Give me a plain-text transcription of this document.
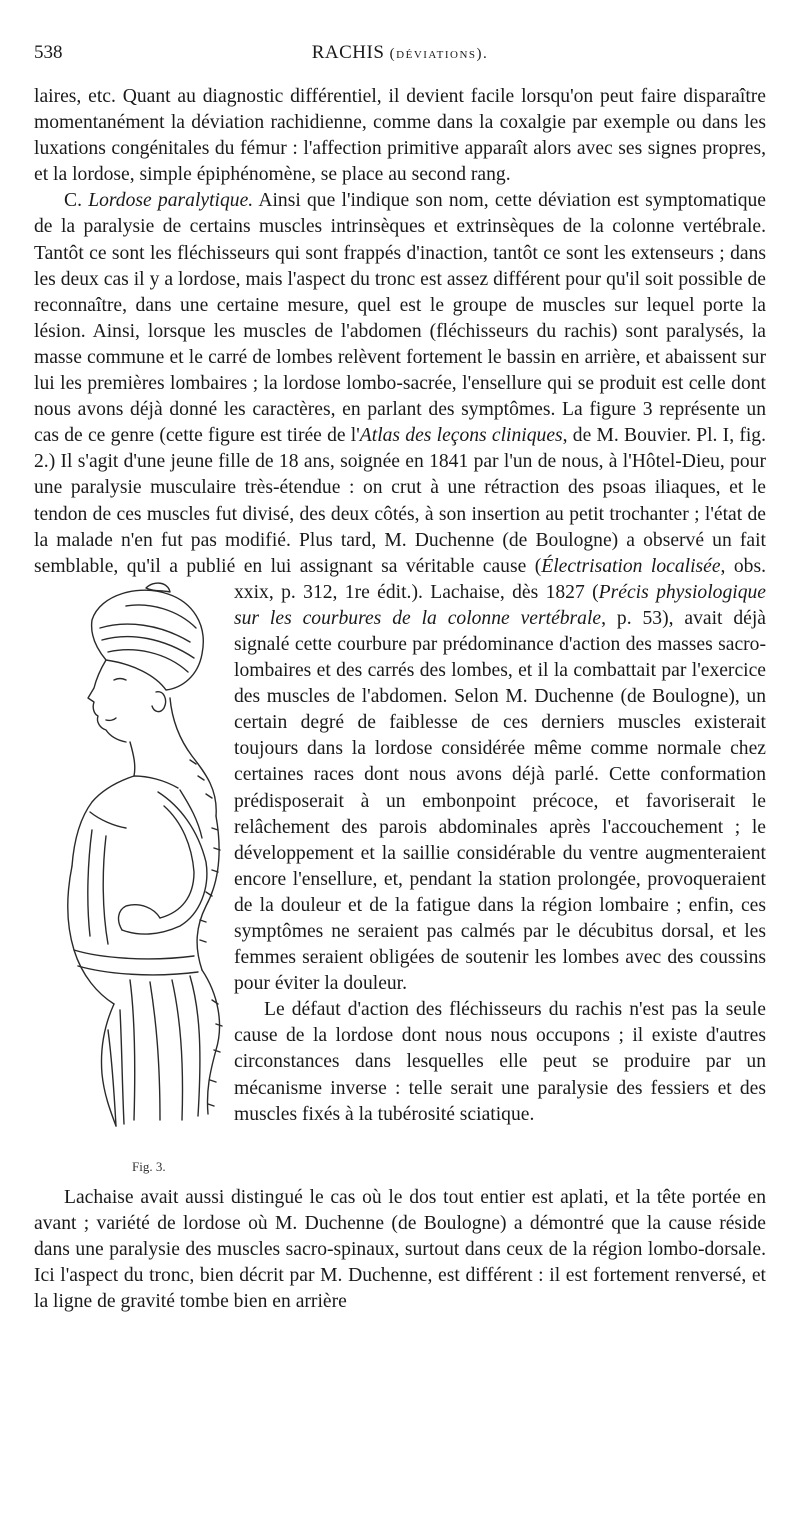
538	RACHIS (déviations).

laires, etc. Quant au diagnostic différentiel, il devient facile lorsqu'on peut faire disparaître momentanément la déviation rachidienne, comme dans la coxalgie par exemple ou dans les luxations congénitales du fémur : l'affection primitive apparaît alors avec ses signes propres, et la lordose, simple épiphénomène, se place au second rang.

C. Lordose paralytique. Ainsi que l'indique son nom, cette déviation est symptomatique de la paralysie de certains muscles intrinsèques et extrinsèques de la colonne vertébrale. Tantôt ce sont les fléchisseurs qui sont frappés d'inaction, tantôt ce sont les extenseurs ; dans les deux cas il y a lordose, mais l'aspect du tronc est assez différent pour qu'il soit possible de reconnaître, dans une certaine mesure, quel est le groupe de muscles sur lequel porte la lésion. Ainsi, lorsque les muscles de l'abdomen (fléchisseurs du rachis) sont paralysés, la masse commune et le carré de lombes relèvent fortement le bassin en arrière, et abaissent sur lui les premières lombaires ; la lordose lombo-sacrée, l'ensellure qui se produit est celle dont nous avons déjà donné les caractères, en parlant des symptômes. La figure 3 représente un cas de ce genre (cette figure est tirée de l'Atlas des leçons cliniques, de M. Bouvier. Pl. I, fig. 2.) Il s'agit d'une jeune fille de 18 ans, soignée en 1841 par l'un de nous, à l'Hôtel-Dieu, pour une paralysie musculaire très-étendue : on crut à une rétraction des psoas iliaques, et le tendon de ces muscles fut divisé, des deux côtés, à son insertion au petit trochanter ; l'état de la malade n'en fut pas modifié. Plus tard, M. Duchenne (de Boulogne) a observé un fait semblable, qu'il a publié en lui assignant sa véritable cause (Électrisation localisée, obs. xxix, p. 312, 1re édit.). Lachaise, dès 1827 (
Fig. 3.
Précis physiologique sur les courbures de la colonne vertébrale, p. 53), avait déjà signalé cette courbure par prédominance d'action des masses sacro-lombaires et des carrés des lombes, et il la combattait par l'exercice des muscles de l'abdomen. Selon M. Duchenne (de Boulogne), un certain degré de faiblesse de ces derniers muscles existerait toujours dans la lordose considérée même comme normale chez certaines races dont nous avons déjà parlé. Cette conformation prédisposerait à un embonpoint précoce, et favoriserait le relâchement des parois abdominales après l'accouchement ; le développement et la saillie considérable du ventre augmenteraient encore l'ensellure, et, pendant la station prolongée, provoqueraient de la douleur et de la fatigue dans la région lombaire ; enfin, ces symptômes ne seraient pas calmés par le décubitus dorsal, et les femmes seraient obligées de soutenir les lombes avec des coussins pour éviter la douleur.

Le défaut d'action des fléchisseurs du rachis n'est pas la seule cause de la lordose dont nous nous occupons ; il existe d'autres circonstances dans lesquelles elle peut se produire par un mécanisme inverse : telle serait une paralysie des fessiers et des muscles fixés à la tubérosité sciatique.

Lachaise avait aussi distingué le cas où le dos tout entier est aplati, et la tête portée en avant ; variété de lordose où M. Duchenne (de Boulogne) a démontré que la cause réside dans une paralysie des muscles sacro-spinaux, surtout dans ceux de la région lombo-dorsale. Ici l'aspect du tronc, bien décrit par M. Duchenne, est différent : il est fortement renversé, et la ligne de gravité tombe bien en arrière
